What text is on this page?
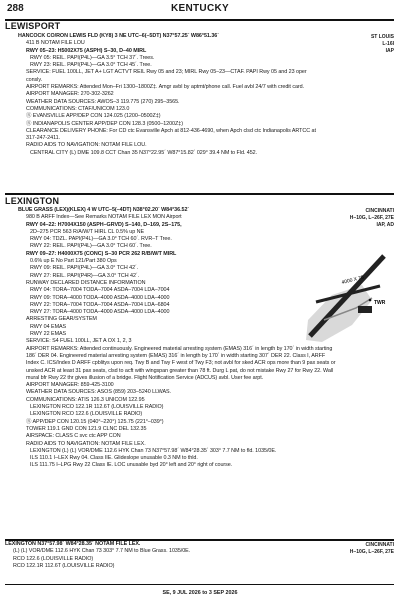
288	KENTUCKY
LEWISPORT
ST LOUIS
L-16I
IAP
HANCOCK CO/RON LEWIS FLD (KY8) 3 NE UTC–6(–5DT) N37°57.25´ W86°51.36´
411 B NOTAM FILE LOU
RWY 05–23: H5002X75 (ASPH) S–30, D–40 MIRL
RWY 05: REIL. PAPI(P4L)—GA 3.5° TCH 37´. Trees.
RWY 23: REIL. PAPI(P4L)—GA 3.0° TCH 45´. Tree.
SERVICE: FUEL 100LL, JET A+ LGT ACTVT REIL Rwy 05 and 23; MIRL Rwy 05–23—CTAF. PAPI Rwy 05 and 23 oper
consly.
AIRPORT REMARKS: Attended Mon–Fri 1300–1800Z‡. Amgr avbl by aptmt/phone call. Fuel avbl 24/7 with credit card.
AIRPORT MANAGER: 270-302-3262
WEATHER DATA SOURCES: AWOS–3 119.775 (270) 295–3565.
COMMUNICATIONS: CTAF/UNICOM 123.0
Ⓡ EVANSVILLE APP/DEP CON 124.025 (1200–0500Z‡)
Ⓡ INDIANAPOLIS CENTER APP/DEP CON 128.3 (0500–1200Z‡)
CLEARANCE DELIVERY PHONE: For CD ctc Evansville Apch at 812-436-4690, when Apch clsd ctc Indianapolis ARTCC at
317-247-2411.
RADIO AIDS TO NAVIGATION: NOTAM FILE LOU.
CENTRAL CITY (L) DME 109.8 CCT Chan 35 N37°22.95´ W87°15.82´ 029° 39.4 NM to Fld. 452.
LEXINGTON
CINCINNATI
H–10G, L–26F, 27E
IAP, AD
BLUE GRASS (LEX)(KLEX) 4 W UTC–5(–4DT) N38°02.20´ W84°36.52´
980 B ARFF Index—See Remarks NOTAM FILE LEX MON Airport
RWY 04–22: H7004X150 (ASPH–GRVD) S–140, D–169, 2S–175,
2D–275 PCR 563 R/A/W/T HIRL CL 0.5% up NE
RWY 04: TDZL. PAPI(P4L)—GA 3.0° TCH 60´. RVR–T Tree.
RWY 22: REIL. PAPI(P4L)—GA 3.0° TCH 60´. Tree.
RWY 09–27: H4000X75 (CONC) S–30 PCR 262 R/B/W/T MIRL
0.6% up E No Part 121/Part 380 Ops
RWY 09: REIL. PAPI(P4L)—GA 3.0° TCH 42´.
RWY 27: REIL. PAPI(P4R)—GA 3.0° TCH 42´.
RUNWAY DECLARED DISTANCE INFORMATION
RWY 04: TORA–7004 TODA–7004 ASDA–7004 LDA–7004
RWY 09: TORA–4000 TODA–4000 ASDA–4000 LDA–4000
RWY 22: TORA–7004 TODA–7004 ASDA–7004 LDA–6804
RWY 27: TORA–4000 TODA–4000 ASDA–4000 LDA–4000
ARRESTING GEAR/SYSTEM
RWY 04 EMAS
RWY 22 EMAS
SERVICE: S4 FUEL 100LL, JET A OX 1, 2, 3
AIRPORT REMARKS: Attended continuously. Engineered material arresting system (EMAS) 316´ in length by 170´ in width starting 186´ DER 04. Engineered material arresting system (EMAS) 316´ in length by 170´ in width starting 307´ DER 22. Class I, ARFF Index C. ICS/Index D ARFF cpblitys upon req. Twy B and Twy F west of Twy F3; not avbl for sked ACR ops more than 9 pax seats or unsked ACR at least 31 pax seats, clsd to acft with wingspan greater than 78 ft. Durg L pat, do not mistake Rwy 27 for Rwy 22. Wall mural bfr Rwy 22 thr gives illusion of a bridge. Flight Notification Service (ADCUS) avbl. User fee arpt.
AIRPORT MANAGER: 859-425-3100
WEATHER DATA SOURCES: ASOS (859) 203–5240 LLWAS.
COMMUNICATIONS: ATIS 126.3 UNICOM 122.95
LEXINGTON RCO 122.1R 112.6T (LOUISVILLE RADIO)
LEXINGTON RCO 122.6 (LOUISVILLE RADIO)
Ⓡ APP/DEP CON 120.15 (040°–220°) 125.75 (221°–039°)
TOWER 119.1 GND CON 121.9 CLNC DEL 132.35
AIRSPACE: CLASS C svc ctc APP CON
RADIO AIDS TO NAVIGATION: NOTAM FILE LEX.
LEXINGTON (L) (L) VOR/DME 112.6 HYK Chan 73 N37°57.98´ W84°28.35´ 303° 7.7 NM to fld. 1035/0E.
ILS 110.1 I–LEX Rwy 04. Class IIE. Glideslope unusable 0.3 NM to thld.
ILS 111.75 I–LPG Rwy 22 Class IE. LOC unusable byd 20° left and 20° right of course.
4000 X 75
TWR
CINCINNATI
H–10G, L–26F, 27E
LEXINGTON N37°57.98´ W84°28.35´ NOTAM FILE LEX.
(L) (L) VOR/DME 112.6 HYK Chan 73 303° 7.7 NM to Blue Grass. 1035/0E.
RCO 122.6 (LOUISVILLE RADIO)
RCO 122.1R 112.6T (LOUISVILLE RADIO)
SE, 9 JUL 2026 to 3 SEP 2026
